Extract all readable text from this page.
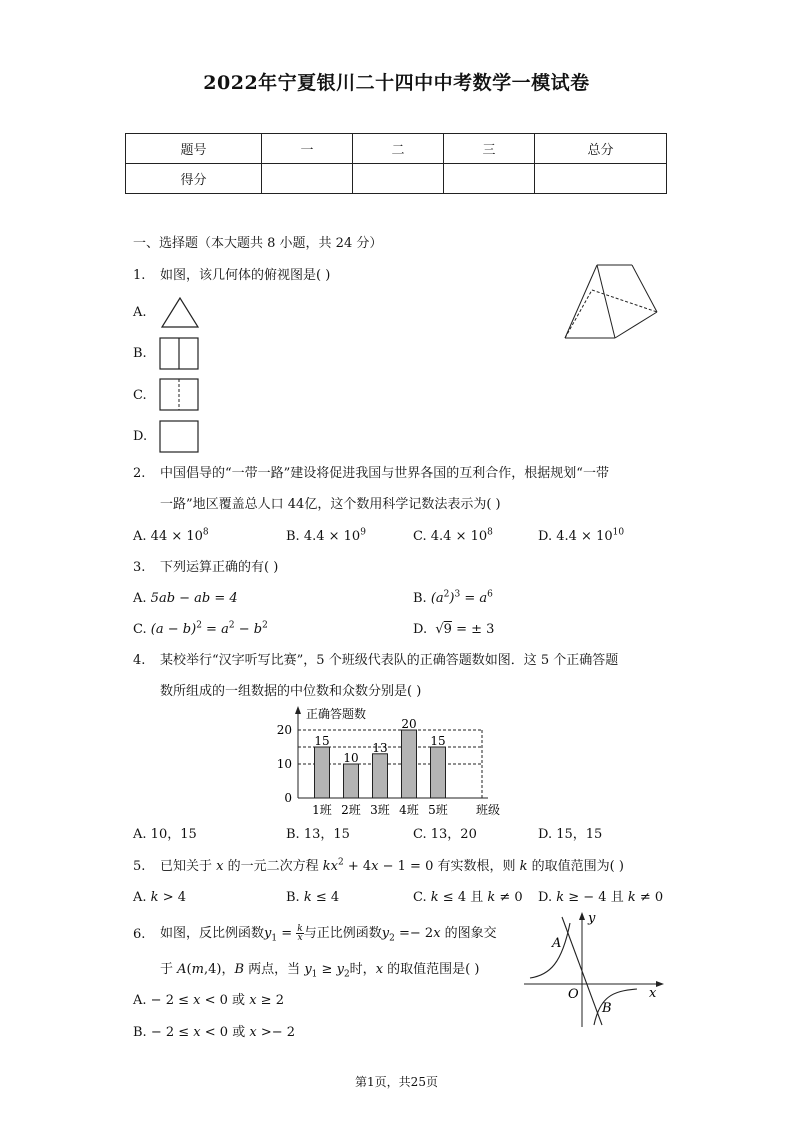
2022年宁夏银川二十四中中考数学一模试卷
题号	一	二	三	总分
得分				
一、选择题（本大题共 8 小题，共 24 分）
1. 如图，该几何体的俯视图是( )
A.
B.
C.
D.
2. 中国倡导的“一带一路”建设将促进我国与世界各国的互利合作，根据规划“一带
一路”地区覆盖总人口 44亿，这个数用科学记数法表示为( )
A. $44 \times 10^8$	B. $4.4 \times 10^9$	C. $4.4 \times 10^8$	D. $4.4 \times 10^{10}$
3. 下列运算正确的有( )
A. 5ab − ab = 4	B. $(a^2)^3 = a^6$
C. $(a - b)^2 = a^2 - b^2$	D.  √9 = ± 3
4. 某校举行“汉字听写比赛”，5 个班级代表队的正确答题数如图．这 5 个正确答题
数所组成的一组数据的中位数和众数分别是( )
正确答题数
班级
0
10
20
15
10
13
20
15
1班 2班 3班 4班 5班
A. 10，15	B. 13，15	C. 13，20	D. 15，15
5. 已知关于 x 的一元二次方程 $kx^2 + 4x - 1 = 0$ 有实数根，则 k 的取值范围为( )
A. k > 4	B. k ≤ 4	C. k ≤ 4 且 k ≠ 0 D. k ≥ − 4 且 k ≠ 0
6. 如图，反比例函数$y_1 = \frac{k}{x}$ 与正比例函数$y_2 =- 2x$ 的图象交
于 A(m,4)，B 两点，当 $y_1 \ge y_2$时，x 的取值范围是( )
A. − 2 ≤ x < 0 或 x ≥ 2
B. − 2 ≤ x < 0 或 x >− 2
A
B
O	x
y
第1页，共25页
